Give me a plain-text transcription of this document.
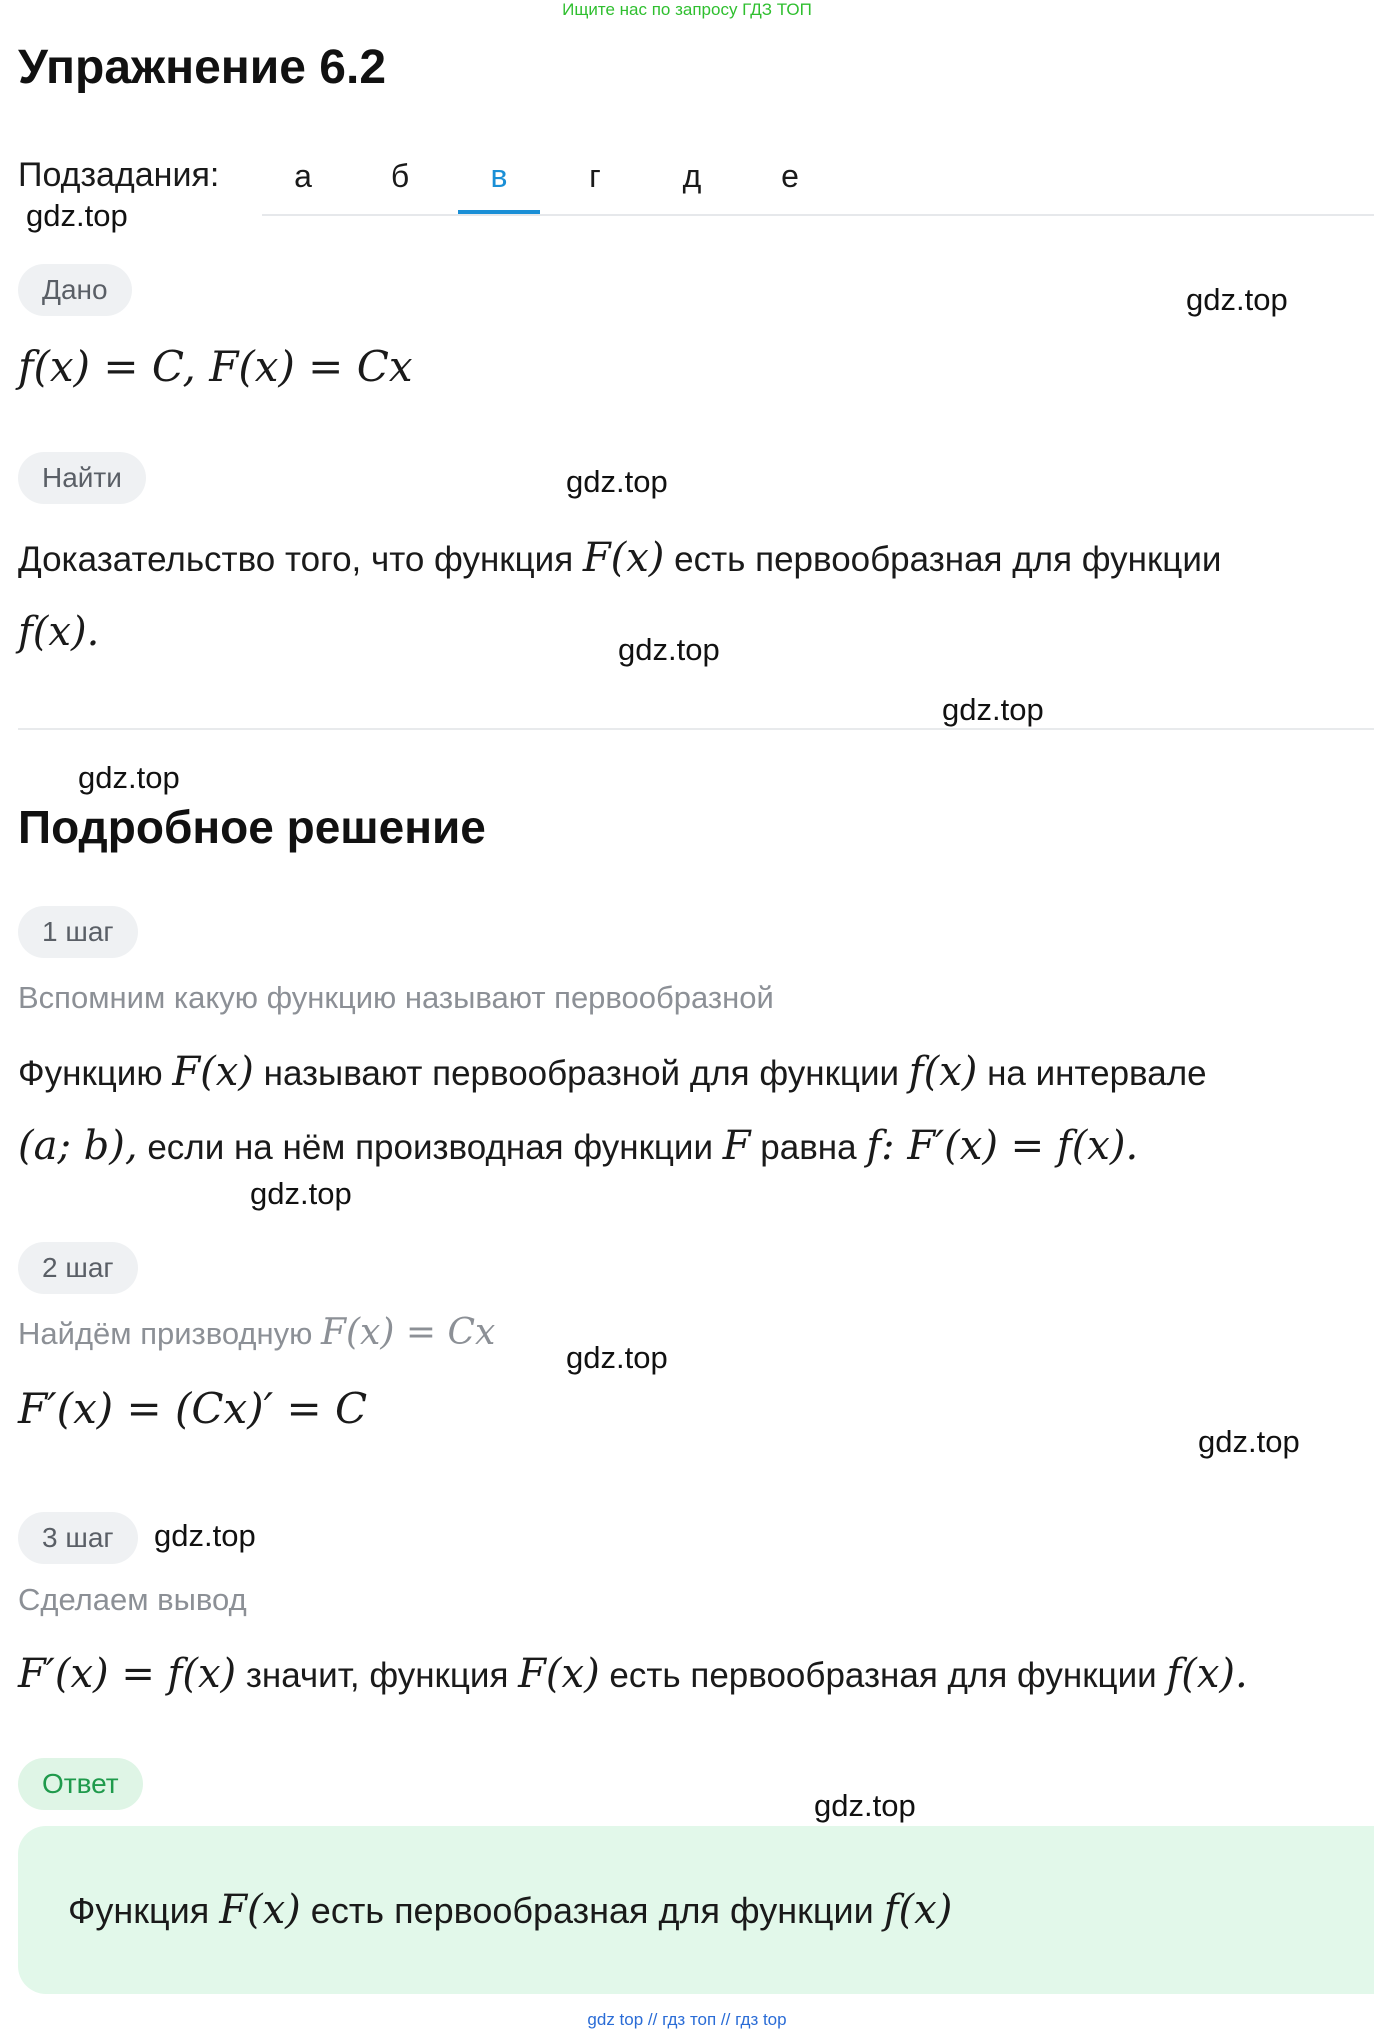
Ищите нас по запросу ГДЗ ТОП
Упражнение 6.2
Подзадания:	а	б	в	г	д	е
gdz.top
gdz.top
gdz.top
gdz.top
gdz.top
gdz.top
gdz.top
gdz.top
gdz.top
gdz.top
gdz.top
Дано
f(x) = C, F(x) = Cx
Найти
Доказательство того, что функция F(x) есть первообразная для функции
f(x).
Подробное решение
1 шаг
Вспомним какую функцию называют первообразной
Функцию F(x) называют первообразной для функции f(x) на интервале
(a; b), если на нём производная функции F равна f: F′(x) = f(x).
2 шаг
Найдём призводную F(x) = Cx
F′(x) = (Cx)′ = C
3 шаг
Сделаем вывод
F′(x) = f(x) значит, функция F(x) есть первообразная для функции f(x).
Ответ
Функция F(x) есть первообразная для функции f(x)
gdz top // гдз топ // гдз top
